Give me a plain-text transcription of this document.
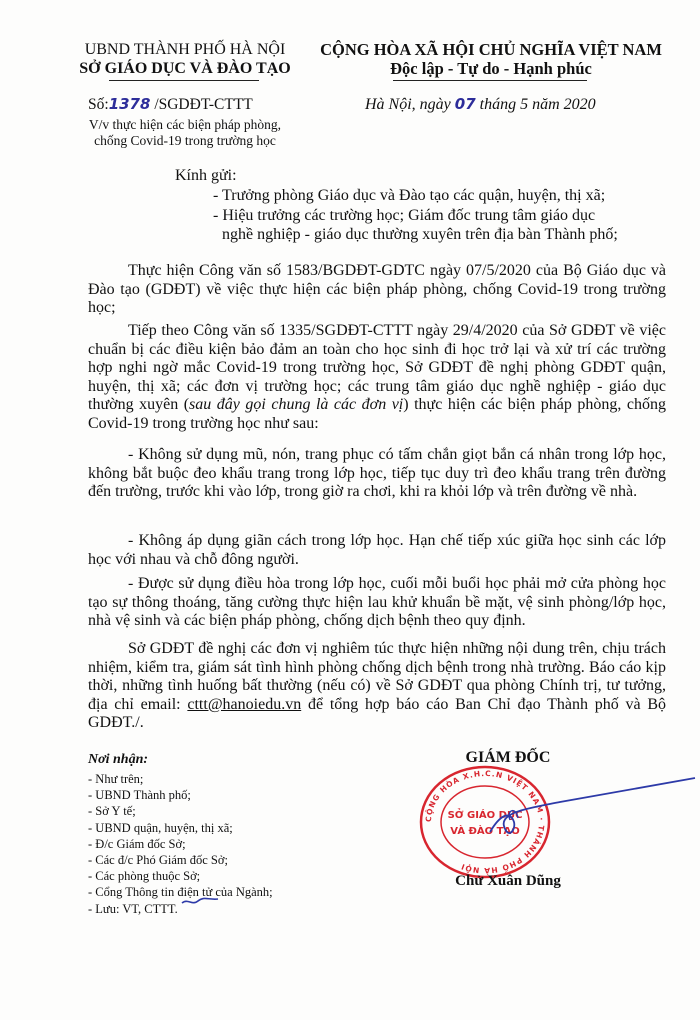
UBND THÀNH PHỐ HÀ NỘI
SỞ GIÁO DỤC VÀ ĐÀO TẠO
CỘNG HÒA XÃ HỘI CHỦ NGHĨA VIỆT NAM
Độc lập - Tự do - Hạnh phúc
Số:1378 /SGDĐT-CTTT	Hà Nội, ngày 07 tháng 5 năm 2020
V/v thực hiện các biện pháp phòng,
chống Covid-19 trong trường học
Kính gửi:
- Trưởng phòng Giáo dục và Đào tạo các quận, huyện, thị xã;
- Hiệu trưởng các trường học; Giám đốc trung tâm giáo dục
nghề nghiệp - giáo dục thường xuyên trên địa bàn Thành phố;

Thực hiện Công văn số 1583/BGDĐT-GDTC ngày 07/5/2020 của Bộ Giáo dục và Đào tạo (GDĐT) về việc thực hiện các biện pháp phòng, chống Covid-19 trong trường học;

Tiếp theo Công văn số 1335/SGDĐT-CTTT ngày 29/4/2020 của Sở GDĐT về việc chuẩn bị các điều kiện bảo đảm an toàn cho học sinh đi học trở lại và xử trí các trường hợp nghi ngờ mắc Covid-19 trong trường học, Sở GDĐT đề nghị phòng GDĐT quận, huyện, thị xã; các đơn vị trường học; các trung tâm giáo dục nghề nghiệp - giáo dục thường xuyên (sau đây gọi chung là các đơn vị) thực hiện các biện pháp phòng, chống Covid-19 trong trường học như sau:

- Không sử dụng mũ, nón, trang phục có tấm chắn giọt bắn cá nhân trong lớp học, không bắt buộc đeo khẩu trang trong lớp học, tiếp tục duy trì đeo khẩu trang trên đường đến trường, trước khi vào lớp, trong giờ ra chơi, khi ra khỏi lớp và trên đường về nhà.

- Không áp dụng giãn cách trong lớp học. Hạn chế tiếp xúc giữa học sinh các lớp học với nhau và chỗ đông người.

- Được sử dụng điều hòa trong lớp học, cuối mỗi buổi học phải mở cửa phòng học tạo sự thông thoáng, tăng cường thực hiện lau khử khuẩn bề mặt, vệ sinh phòng/lớp học, nhà vệ sinh và các biện pháp phòng, chống dịch bệnh theo quy định.

Sở GDĐT đề nghị các đơn vị nghiêm túc thực hiện những nội dung trên, chịu trách nhiệm, kiểm tra, giám sát tình hình phòng chống dịch bệnh trong nhà trường. Báo cáo kịp thời, những tình huống bất thường (nếu có) về Sở GDĐT qua phòng Chính trị, tư tưởng, địa chỉ email: cttt@hanoiedu.vn để tổng hợp báo cáo Ban Chỉ đạo Thành phố và Bộ GDĐT./.

Nơi nhận:
- Như trên;
- UBND Thành phố;
- Sở Y tế;
- UBND quận, huyện, thị xã;
- Đ/c Giám đốc Sở;
- Các đ/c Phó Giám đốc Sở;
- Các phòng thuộc Sở;
- Cổng Thông tin điện tử của Ngành;
- Lưu: VT, CTTT.
GIÁM ĐỐC
CỘNG HÒA X.H.C.N VIỆT NAM · THÀNH PHỐ HÀ NỘI
SỞ GIÁO DỤC
VÀ ĐÀO TẠO
Chử Xuân Dũng
